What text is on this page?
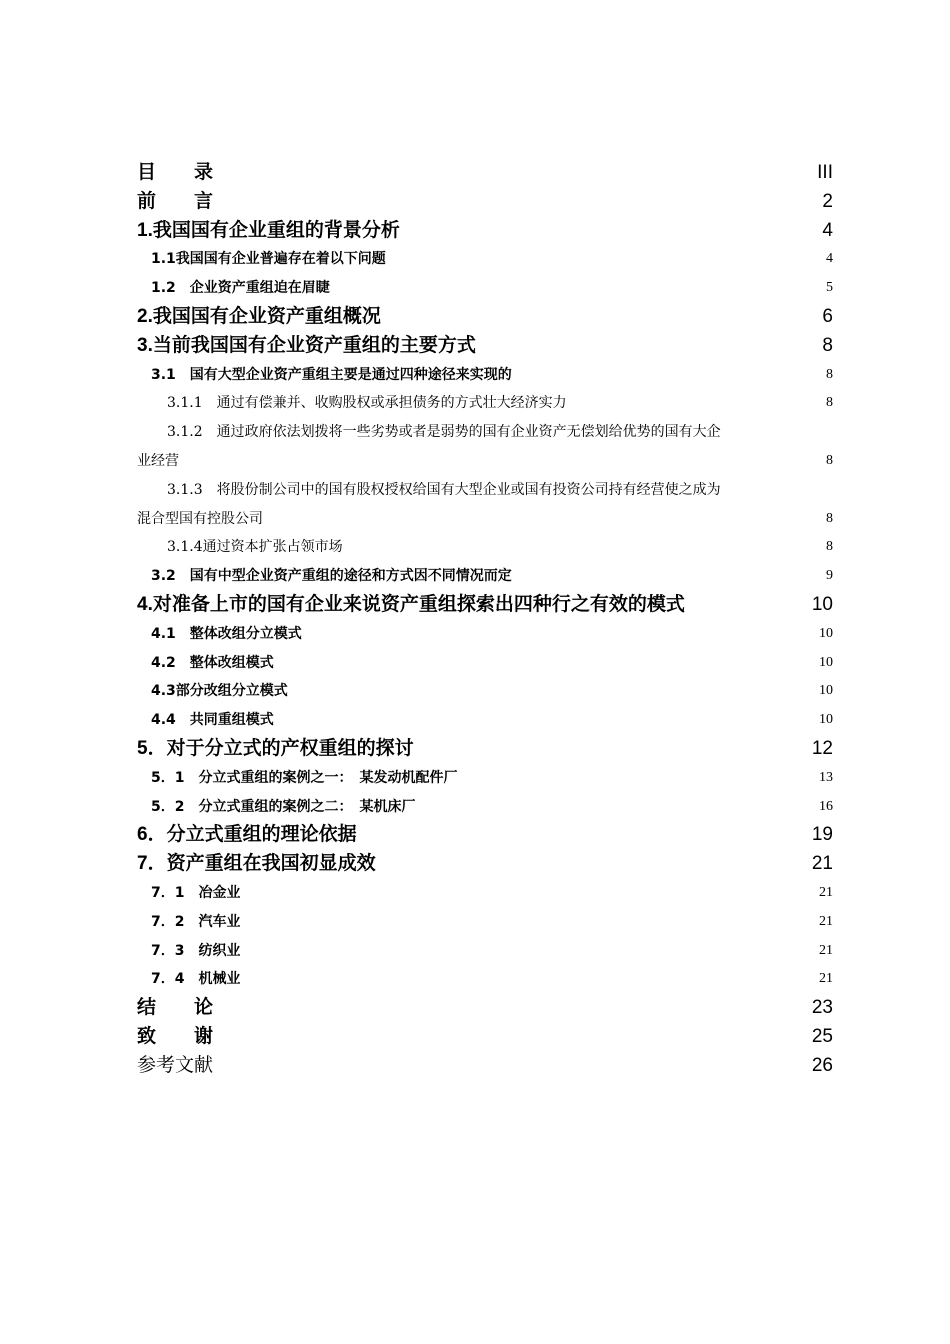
目　　录	III
前　　言	2
1.我国国有企业重组的背景分析	4
1.1我国国有企业普遍存在着以下问题	4
1.2　企业资产重组迫在眉睫	5
2.我国国有企业资产重组概况	6
3.当前我国国有企业资产重组的主要方式	8
3.1　国有大型企业资产重组主要是通过四种途径来实现的	8
3.1.1　通过有偿兼并、收购股权或承担债务的方式壮大经济实力	8
3.1.2　通过政府依法划拨将一些劣势或者是弱势的国有企业资产无偿划给优势的国有大企
业经营	8
3.1.3　将股份制公司中的国有股权授权给国有大型企业或国有投资公司持有经营使之成为
混合型国有控股公司	8
3.1.4通过资本扩张占领市场	8
3.2　国有中型企业资产重组的途径和方式因不同情况而定	9
4.对准备上市的国有企业来说资产重组探索出四种行之有效的模式	10
4.1　整体改组分立模式	10
4.2　整体改组模式	10
4.3部分改组分立模式	10
4.4　共同重组模式	10
5．对于分立式的产权重组的探讨	12
5．1　分立式重组的案例之一：　某发动机配件厂	13
5．2　分立式重组的案例之二：　某机床厂	16
6．分立式重组的理论依据	19
7．资产重组在我国初显成效	21
7．1　冶金业	21
7．2　汽车业	21
7．3　纺织业	21
7．4　机械业	21
结　　论	23
致　　谢	25
参考文献	26
